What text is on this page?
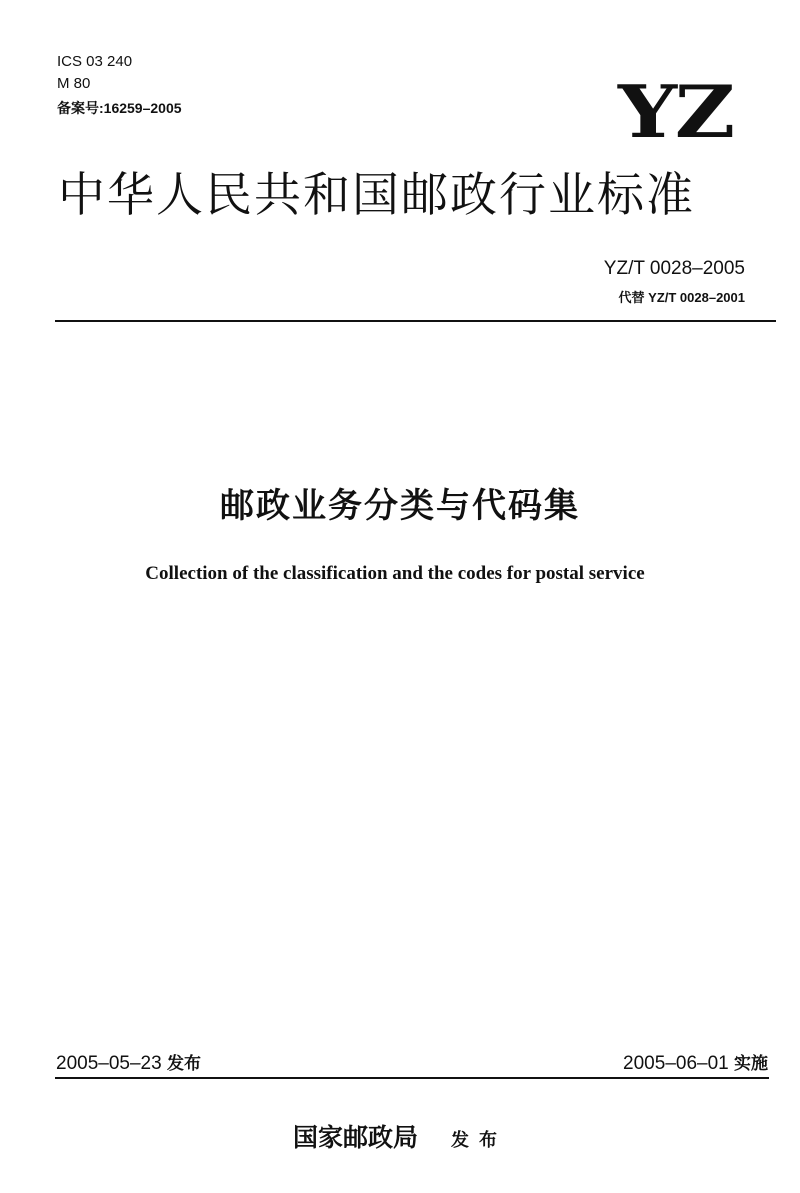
ICS 03 240
M 80
备案号:16259–2005	YZ
中华人民共和国邮政行业标准
YZ/T 0028–2005
代替 YZ/T 0028–2001
邮政业务分类与代码集
Collection of the classification and the codes for postal service
2005–05–23 发布	2005–06–01 实施
国家邮政局 发布
